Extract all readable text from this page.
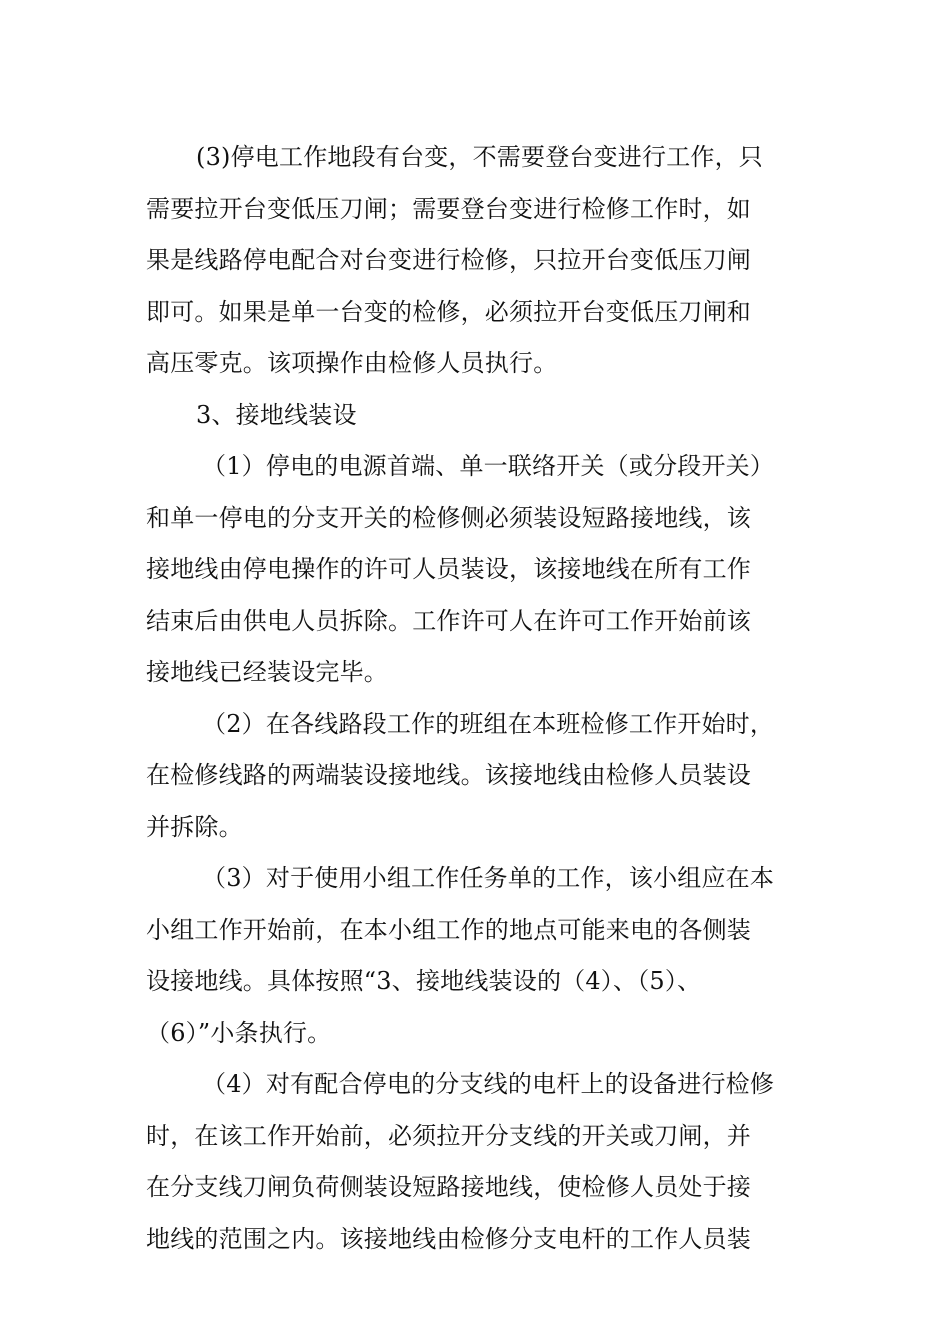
(3)停电工作地段有台变，不需要登台变进行工作，只
需要拉开台变低压刀闸；需要登台变进行检修工作时，如
果是线路停电配合对台变进行检修，只拉开台变低压刀闸
即可。如果是单一台变的检修，必须拉开台变低压刀闸和
高压零克。该项操作由检修人员执行。
3、接地线装设
（1）停电的电源首端、单一联络开关（或分段开关）
和单一停电的分支开关的检修侧必须装设短路接地线，该
接地线由停电操作的许可人员装设，该接地线在所有工作
结束后由供电人员拆除。工作许可人在许可工作开始前该
接地线已经装设完毕。
（2）在各线路段工作的班组在本班检修工作开始时，
在检修线路的两端装设接地线。该接地线由检修人员装设
并拆除。
（3）对于使用小组工作任务单的工作，该小组应在本
小组工作开始前，在本小组工作的地点可能来电的各侧装
设接地线。具体按照“3、接地线装设的（4）、（5）、
（6）”小条执行。
（4）对有配合停电的分支线的电杆上的设备进行检修
时，在该工作开始前，必须拉开分支线的开关或刀闸，并
在分支线刀闸负荷侧装设短路接地线，使检修人员处于接
地线的范围之内。该接地线由检修分支电杆的工作人员装
